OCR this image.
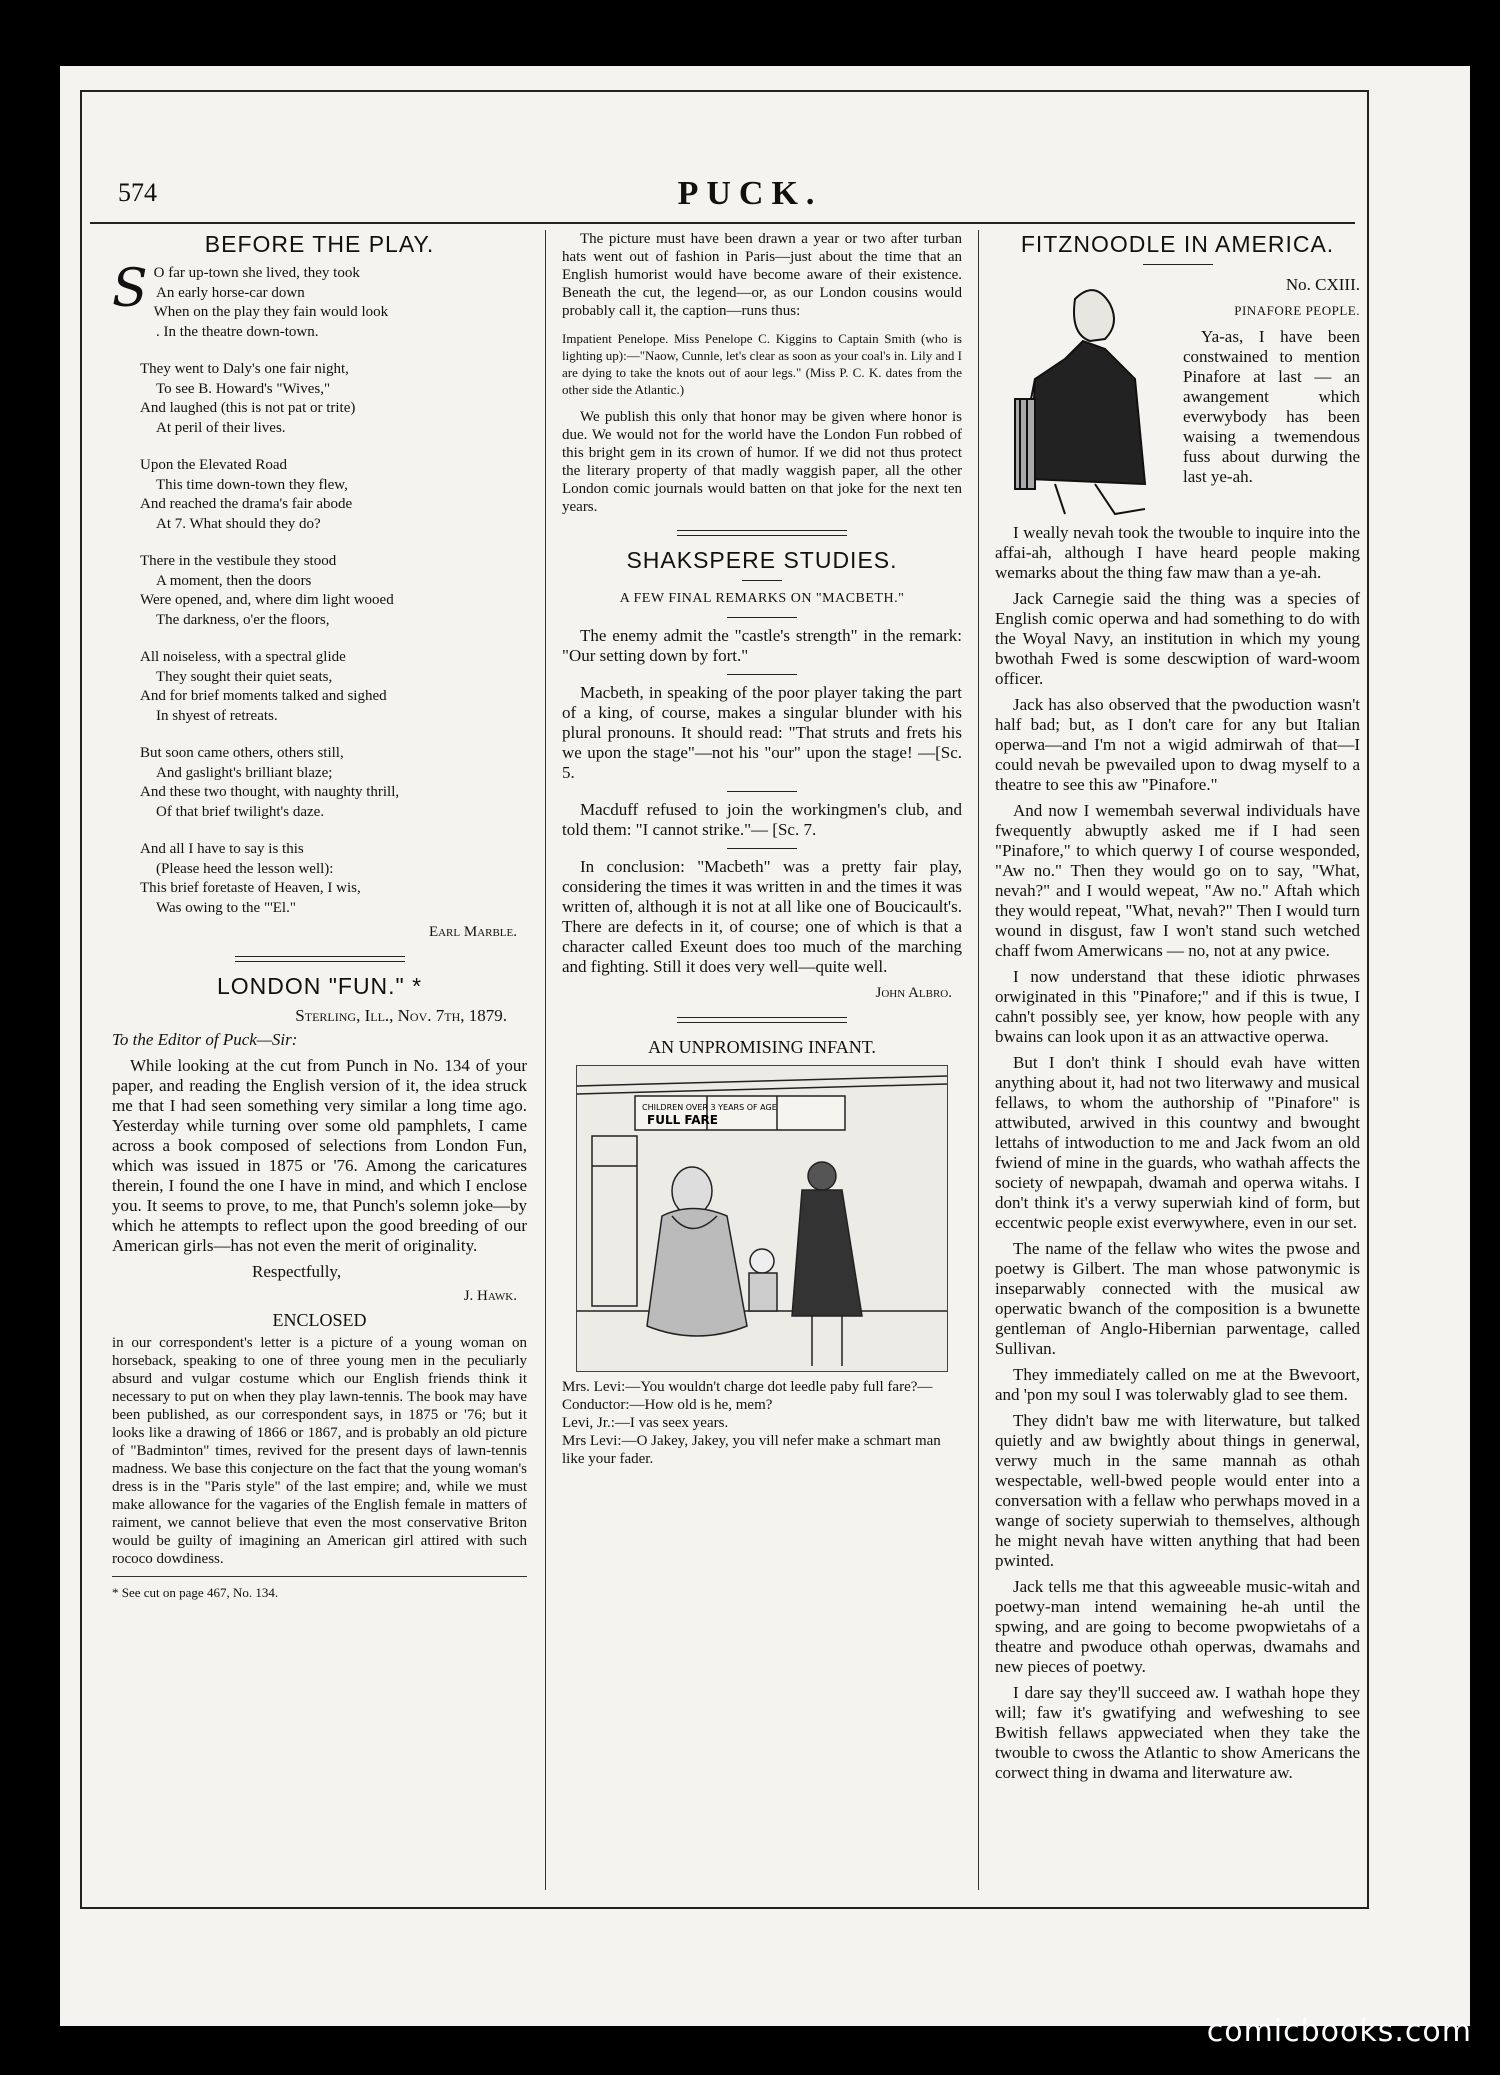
574	PUCK.
BEFORE THE PLAY.
S O far up-town she lived, they took
An early horse-car down
When on the play they fain would look
. In the theatre down-town.
They went to Daly's one fair night,
To see B. Howard's "Wives,"
And laughed (this is not pat or trite)
At peril of their lives.
Upon the Elevated Road
This time down-town they flew,
And reached the drama's fair abode
At 7. What should they do?
There in the vestibule they stood
A moment, then the doors
Were opened, and, where dim light wooed
The darkness, o'er the floors,
All noiseless, with a spectral glide
They sought their quiet seats,
And for brief moments talked and sighed
In shyest of retreats.
But soon came others, others still,
And gaslight's brilliant blaze;
And these two thought, with naughty thrill,
Of that brief twilight's daze.
And all I have to say is this
(Please heed the lesson well):
This brief foretaste of Heaven, I wis,
Was owing to the "'El."
Earl Marble.
LONDON "FUN." *
Sterling, Ill., Nov. 7th, 1879.

To the Editor of Puck—Sir:

While looking at the cut from Punch in No. 134 of your paper, and reading the English version of it, the idea struck me that I had seen something very similar a long time ago. Yesterday while turning over some old pamphlets, I came across a book composed of selections from London Fun, which was issued in 1875 or '76. Among the caricatures therein, I found the one I have in mind, and which I enclose you. It seems to prove, to me, that Punch's solemn joke—by which he attempts to reflect upon the good breeding of our American girls—has not even the merit of originality.

Respectfully,
J. Hawk.
ENCLOSED

in our correspondent's letter is a picture of a young woman on horseback, speaking to one of three young men in the peculiarly absurd and vulgar costume which our English friends think it necessary to put on when they play lawn-tennis. The book may have been published, as our correspondent says, in 1875 or '76; but it looks like a drawing of 1866 or 1867, and is probably an old picture of "Badminton" times, revived for the present days of lawn-tennis madness. We base this conjecture on the fact that the young woman's dress is in the "Paris style" of the last empire; and, while we must make allowance for the vagaries of the English female in matters of raiment, we cannot believe that even the most conservative Briton would be guilty of imagining an American girl attired with such rococo dowdiness.

* See cut on page 467, No. 134.

The picture must have been drawn a year or two after turban hats went out of fashion in Paris—just about the time that an English humorist would have become aware of their existence. Beneath the cut, the legend—or, as our London cousins would probably call it, the caption—runs thus:

Impatient Penelope. Miss Penelope C. Kiggins to Captain Smith (who is lighting up):—"Naow, Cunnle, let's clear as soon as your coal's in. Lily and I are dying to take the knots out of aour legs." (Miss P. C. K. dates from the other side the Atlantic.)

We publish this only that honor may be given where honor is due. We would not for the world have the London Fun robbed of this bright gem in its crown of humor. If we did not thus protect the literary property of that madly waggish paper, all the other London comic journals would batten on that joke for the next ten years.

SHAKSPERE STUDIES.
A FEW FINAL REMARKS ON "MACBETH."

The enemy admit the "castle's strength" in the remark: "Our setting down by fort."

Macbeth, in speaking of the poor player taking the part of a king, of course, makes a singular blunder with his plural pronouns. It should read: "That struts and frets his we upon the stage"—not his "our" upon the stage! —[Sc. 5.

Macduff refused to join the workingmen's club, and told them: "I cannot strike."— [Sc. 7.

In conclusion: "Macbeth" was a pretty fair play, considering the times it was written in and the times it was written of, although it is not at all like one of Boucicault's. There are defects in it, of course; one of which is that a character called Exeunt does too much of the marching and fighting. Still it does very well—quite well.

John Albro.
AN UNPROMISING INFANT.
CHILDREN OVER 3 YEARS OF AGE
FULL FARE
Mrs. Levi:—You wouldn't charge dot leedle paby full fare?—
Conductor:—How old is he, mem?
Levi, Jr.:—I vas seex years.
Mrs Levi:—O Jakey, Jakey, you vill nefer make a schmart man like your fader.
FITZNOODLE IN AMERICA.
No. CXIII.
PINAFORE PEOPLE.

Ya-as, I have been constwained to mention Pinafore at last — an awangement which everwybody has been waising a twemendous fuss about durwing the last ye-ah.

I weally nevah took the twouble to inquire into the affai-ah, although I have heard people making wemarks about the thing faw maw than a ye-ah.

Jack Carnegie said the thing was a species of English comic operwa and had something to do with the Woyal Navy, an institution in which my young bwothah Fwed is some descwiption of ward-woom officer.

Jack has also observed that the pwoduction wasn't half bad; but, as I don't care for any but Italian operwa—and I'm not a wigid admirwah of that—I could nevah be pwevailed upon to dwag myself to a theatre to see this aw "Pinafore."

And now I wemembah severwal individuals have fwequently abwuptly asked me if I had seen "Pinafore," to which querwy I of course wesponded, "Aw no." Then they would go on to say, "What, nevah?" and I would wepeat, "Aw no." Aftah which they would repeat, "What, nevah?" Then I would turn wound in disgust, faw I won't stand such wetched chaff fwom Amerwicans — no, not at any pwice.

I now understand that these idiotic phrwases orwiginated in this "Pinafore;" and if this is twue, I cahn't possibly see, yer know, how people with any bwains can look upon it as an attwactive operwa.

But I don't think I should evah have witten anything about it, had not two literwawy and musical fellaws, to whom the authorship of "Pinafore" is attwibuted, arwived in this countwy and bwought lettahs of intwoduction to me and Jack fwom an old fwiend of mine in the guards, who wathah affects the society of newpapah, dwamah and operwa witahs. I don't think it's a verwy superwiah kind of form, but eccentwic people exist everwywhere, even in our set.

The name of the fellaw who wites the pwose and poetwy is Gilbert. The man whose patwonymic is inseparwably connected with the musical aw operwatic bwanch of the composition is a bwunette gentleman of Anglo-Hibernian parwentage, called Sullivan.

They immediately called on me at the Bwevoort, and 'pon my soul I was tolerwably glad to see them.

They didn't baw me with literwature, but talked quietly and aw bwightly about things in generwal, verwy much in the same mannah as othah wespectable, well-bwed people would enter into a conversation with a fellaw who perwhaps moved in a wange of society superwiah to themselves, although he might nevah have witten anything that had been pwinted.

Jack tells me that this agweeable music-witah and poetwy-man intend wemaining he-ah until the spwing, and are going to become pwopwietahs of a theatre and pwoduce othah operwas, dwamahs and new pieces of poetwy.

I dare say they'll succeed aw. I wathah hope they will; faw it's gwatifying and wefweshing to see Bwitish fellaws appweciated when they take the twouble to cwoss the Atlantic to show Americans the corwect thing in dwama and literwature aw.

comicbooks.com
